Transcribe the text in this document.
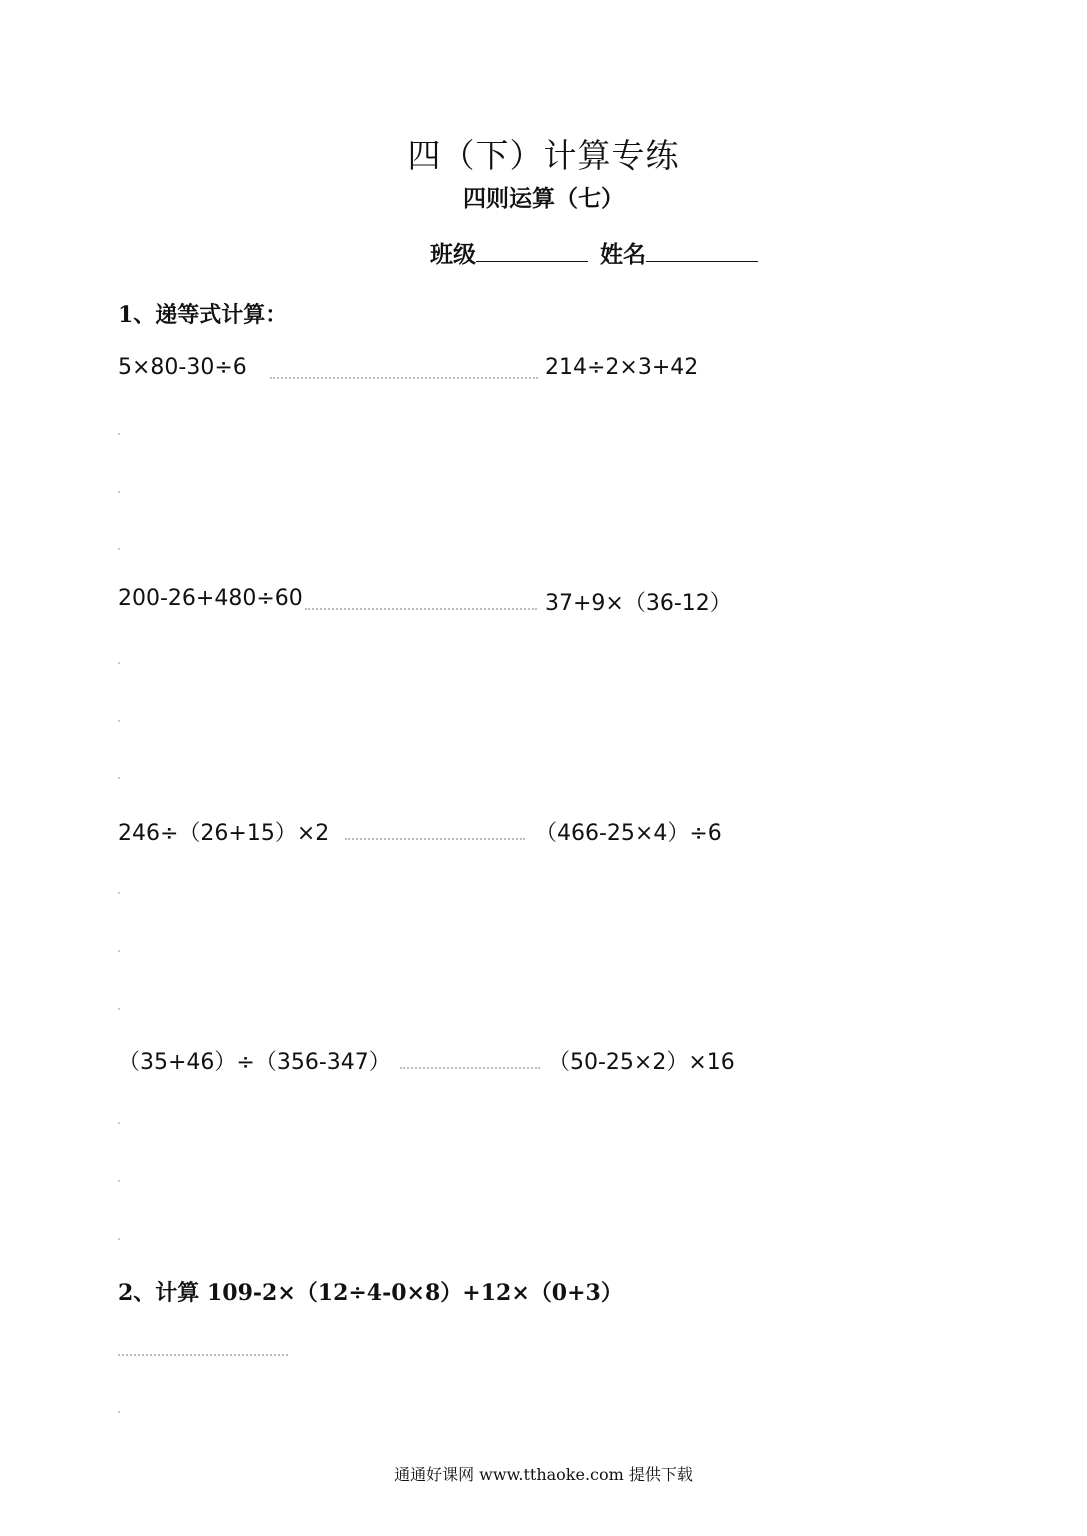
四（下）计算专练
四则运算（七）
班级	姓名
1、递等式计算：
5×80-30÷6	214÷2×3+42
200-26+480÷60	37+9×（36-12）
246÷（26+15）×2	（466-25×4）÷6
（35+46）÷（356-347）	（50-25×2）×16
2、计算 109-2×（12÷4-0×8）+12×（0+3）
通通好课网 www.tthaoke.com 提供下载
